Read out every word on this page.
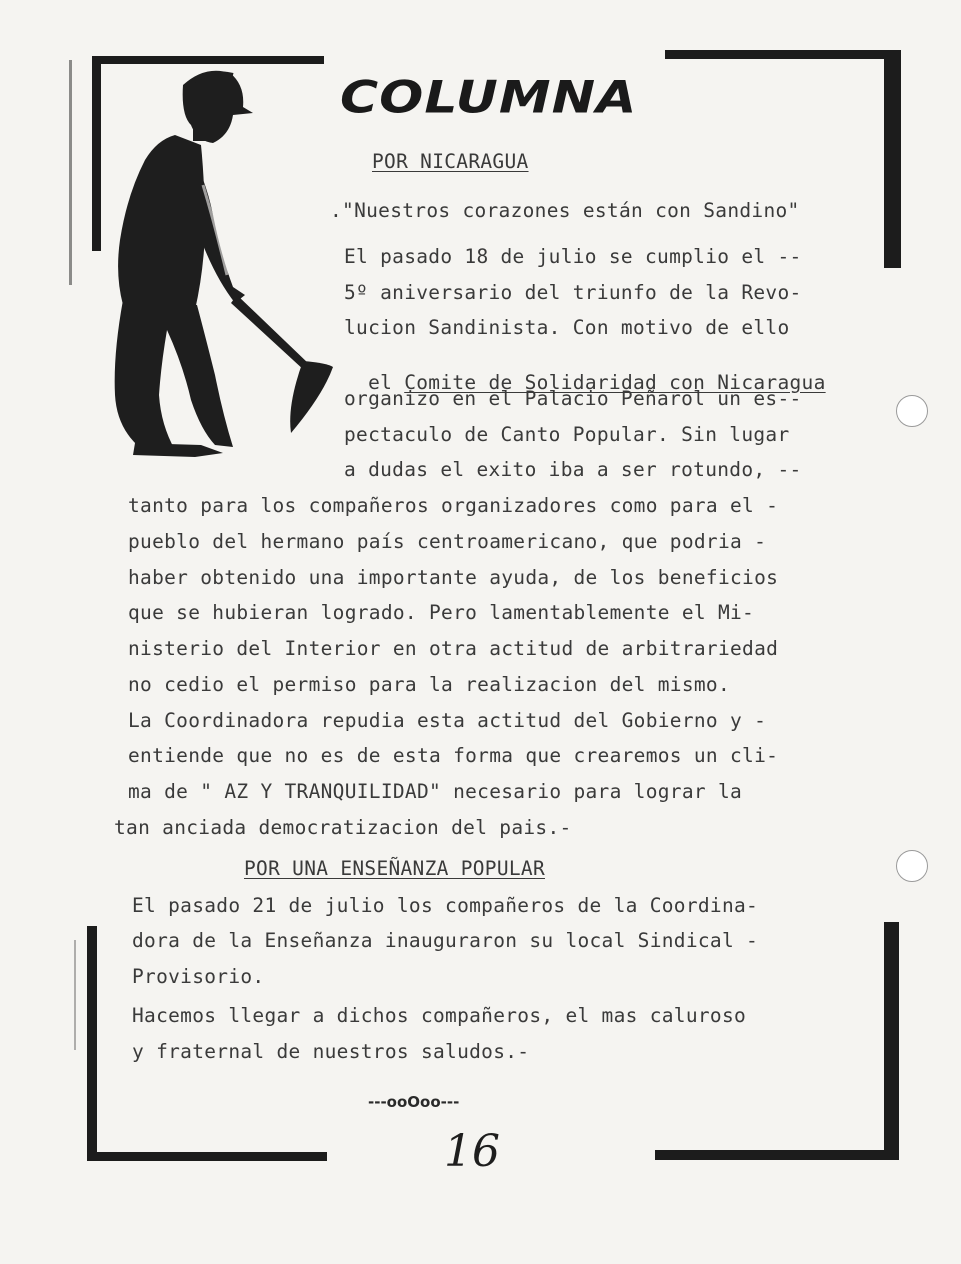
COLUMNA
POR NICARAGUA
."Nuestros corazones están con Sandino"
El pasado 18 de julio se cumplio el --
5º aniversario del triunfo de la Revo-
lucion Sandinista. Con motivo de ello

el Comite de Solidaridad con Nicaragua

organizo en el Palacio Peñarol un es--
pectaculo de Canto Popular. Sin lugar
a dudas el exito iba a ser rotundo, --
tanto para los compañeros organizadores como para el -
pueblo del hermano país centroamericano, que podria -
haber obtenido una importante ayuda, de los beneficios
que se hubieran logrado. Pero lamentablemente el Mi-
nisterio del Interior en otra actitud de arbitrariedad
no cedio el permiso para la realizacion del mismo.
La Coordinadora repudia esta actitud del Gobierno y -
entiende que no es de esta forma que crearemos un cli-
ma de " AZ Y TRANQUILIDAD" necesario para lograr la
tan anciada democratizacion del pais.-
POR UNA ENSEÑANZA POPULAR
El pasado 21 de julio los compañeros de la Coordina-
dora de la Enseñanza inauguraron su local Sindical -
Provisorio.
Hacemos llegar a dichos compañeros, el mas caluroso
y fraternal de nuestros saludos.-
---ooOoo---
16
